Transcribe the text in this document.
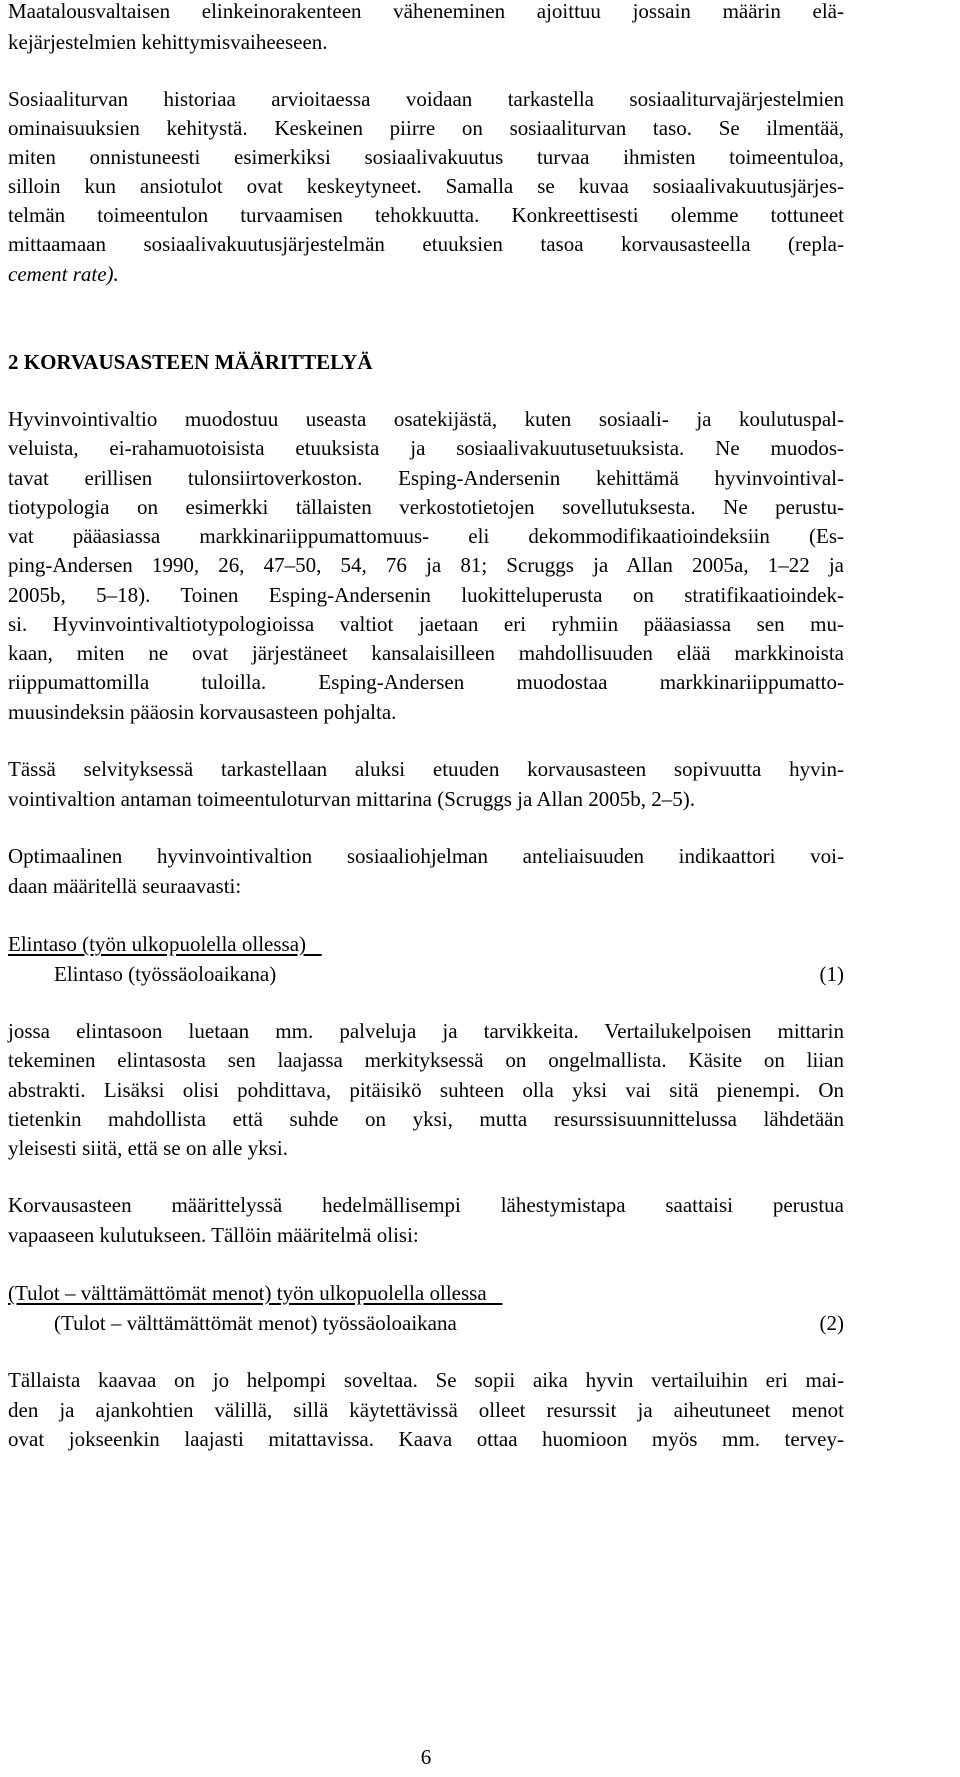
Maatalousvaltaisen elinkeinorakenteen väheneminen ajoittuu jossain määrin elä-
kejärjestelmien kehittymisvaiheeseen.
Sosiaaliturvan historiaa arvioitaessa voidaan tarkastella sosiaaliturvajärjestelmien
ominaisuuksien kehitystä. Keskeinen piirre on sosiaaliturvan taso. Se ilmentää,
miten onnistuneesti esimerkiksi sosiaalivakuutus turvaa ihmisten toimeentuloa,
silloin kun ansiotulot ovat keskeytyneet. Samalla se kuvaa sosiaalivakuutusjärjes-
telmän toimeentulon turvaamisen tehokkuutta. Konkreettisesti olemme tottuneet
mittaamaan sosiaalivakuutusjärjestelmän etuuksien tasoa korvausasteella (repla-
cement rate).
2 KORVAUSASTEEN MÄÄRITTELYÄ
Hyvinvointivaltio muodostuu useasta osatekijästä, kuten sosiaali- ja koulutuspal-
veluista, ei-rahamuotoisista etuuksista ja sosiaalivakuutusetuuksista. Ne muodos-
tavat erillisen tulonsiirtoverkoston. Esping-Andersenin kehittämä hyvinvointival-
tiotypologia on esimerkki tällaisten verkostotietojen sovellutuksesta. Ne perustu-
vat pääasiassa markkinariippumattomuus- eli dekommodifikaatioindeksiin (Es-
ping-Andersen 1990, 26, 47–50, 54, 76 ja 81; Scruggs ja Allan 2005a, 1–22 ja
2005b, 5–18). Toinen Esping-Andersenin luokitteluperusta on stratifikaatioindek-
si. Hyvinvointivaltiotypologioissa valtiot jaetaan eri ryhmiin pääasiassa sen mu-
kaan, miten ne ovat järjestäneet kansalaisilleen mahdollisuuden elää markkinoista
riippumattomilla tuloilla. Esping-Andersen muodostaa markkinariippumatto-
muusindeksin pääosin korvausasteen pohjalta.
Tässä selvityksessä tarkastellaan aluksi etuuden korvausasteen sopivuutta hyvin-
vointivaltion antaman toimeentuloturvan mittarina (Scruggs ja Allan 2005b, 2–5).
Optimaalinen hyvinvointivaltion sosiaaliohjelman anteliaisuuden indikaattori voi-
daan määritellä seuraavasti:
Elintaso (työn ulkopuolella ollessa)
Elintaso (työssäoloaikana)	(1)
jossa elintasoon luetaan mm. palveluja ja tarvikkeita. Vertailukelpoisen mittarin
tekeminen elintasosta sen laajassa merkityksessä on ongelmallista. Käsite on liian
abstrakti. Lisäksi olisi pohdittava, pitäisikö suhteen olla yksi vai sitä pienempi. On
tietenkin mahdollista että suhde on yksi, mutta resurssisuunnittelussa lähdetään
yleisesti siitä, että se on alle yksi.
Korvausasteen määrittelyssä hedelmällisempi lähestymistapa saattaisi perustua
vapaaseen kulutukseen. Tällöin määritelmä olisi:
(Tulot – välttämättömät menot) työn ulkopuolella ollessa
(Tulot – välttämättömät menot) työssäoloaikana	(2)
Tällaista kaavaa on jo helpompi soveltaa. Se sopii aika hyvin vertailuihin eri mai-
den ja ajankohtien välillä, sillä käytettävissä olleet resurssit ja aiheutuneet menot
ovat jokseenkin laajasti mitattavissa. Kaava ottaa huomioon myös mm. tervey-
6
